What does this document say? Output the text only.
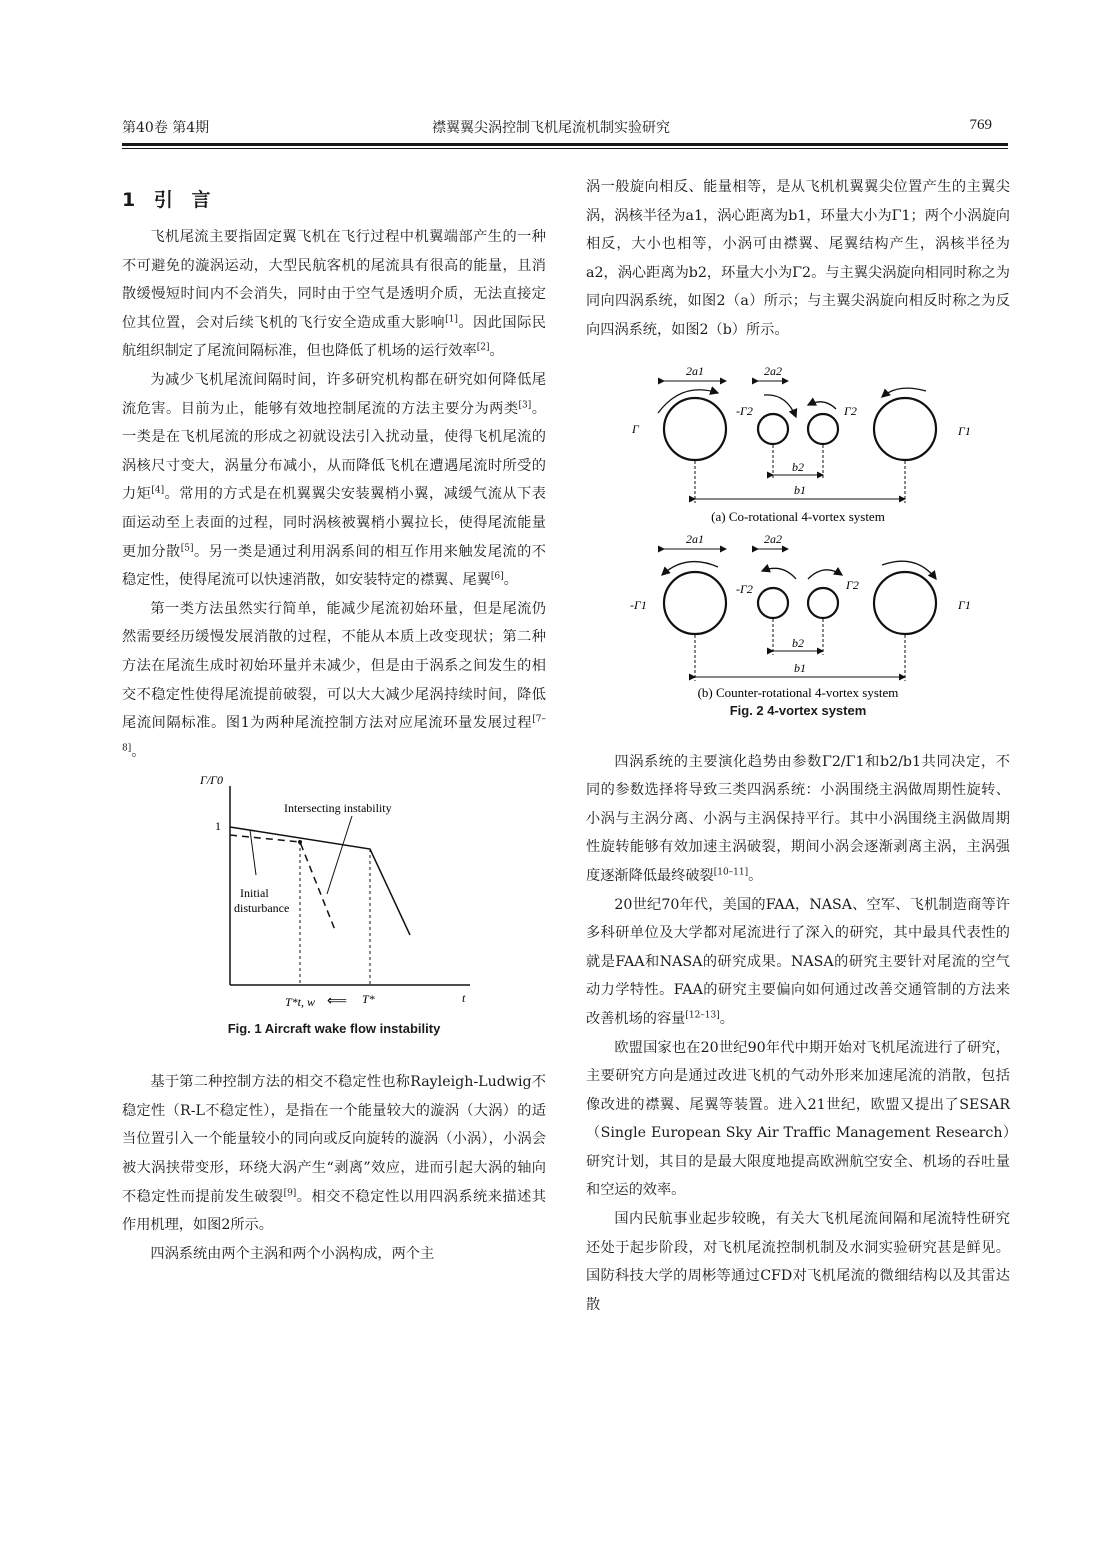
第40卷 第4期	襟翼翼尖涡控制飞机尾流机制实验研究	769
1 引 言

飞机尾流主要指固定翼飞机在飞行过程中机翼端部产生的一种不可避免的漩涡运动，大型民航客机的尾流具有很高的能量，且消散缓慢短时间内不会消失，同时由于空气是透明介质，无法直接定位其位置，会对后续飞机的飞行安全造成重大影响[1]。因此国际民航组织制定了尾流间隔标准，但也降低了机场的运行效率[2]。

为减少飞机尾流间隔时间，许多研究机构都在研究如何降低尾流危害。目前为止，能够有效地控制尾流的方法主要分为两类[3]。一类是在飞机尾流的形成之初就设法引入扰动量，使得飞机尾流的涡核尺寸变大，涡量分布减小，从而降低飞机在遭遇尾流时所受的力矩[4]。常用的方式是在机翼翼尖安装翼梢小翼，减缓气流从下表面运动至上表面的过程，同时涡核被翼梢小翼拉长，使得尾流能量更加分散[5]。另一类是通过利用涡系间的相互作用来触发尾流的不稳定性，使得尾流可以快速消散，如安装特定的襟翼、尾翼[6]。

第一类方法虽然实行简单，能减少尾流初始环量，但是尾流仍然需要经历缓慢发展消散的过程，不能从本质上改变现状；第二种方法在尾流生成时初始环量并未减少，但是由于涡系之间发生的相交不稳定性使得尾流提前破裂，可以大大减少尾涡持续时间，降低尾流间隔标准。图1为两种尾流控制方法对应尾流环量发展过程[7–8]。

Γ/Γ0
1
t
Intersecting instability
Initial
disturbance
T*t, w ⟸ T*
Fig. 1 Aircraft wake flow instability

基于第二种控制方法的相交不稳定性也称Rayleigh-Ludwig不稳定性（R-L不稳定性），是指在一个能量较大的漩涡（大涡）的适当位置引入一个能量较小的同向或反向旋转的漩涡（小涡），小涡会被大涡挟带变形，环绕大涡产生“剥离”效应，进而引起大涡的轴向不稳定性而提前发生破裂[9]。相交不稳定性以用四涡系统来描述其作用机理，如图2所示。

四涡系统由两个主涡和两个小涡构成，两个主

涡一般旋向相反、能量相等，是从飞机机翼翼尖位置产生的主翼尖涡，涡核半径为a1，涡心距离为b1，环量大小为Γ1；两个小涡旋向相反，大小也相等，小涡可由襟翼、尾翼结构产生，涡核半径为a2，涡心距离为b2，环量大小为Γ2。与主翼尖涡旋向相同时称之为同向四涡系统，如图2（a）所示；与主翼尖涡旋向相反时称之为反向四涡系统，如图2（b）所示。

2a1	2a2
Γ
-Γ2	Γ2
Γ1
b2
b1
(a) Co-rotational 4-vortex system
2a1	2a2
-Γ1
-Γ2	Γ2
Γ1
b2
b1
(b) Counter-rotational 4-vortex system
Fig. 2 4-vortex system

四涡系统的主要演化趋势由参数Γ2/Γ1和b2/b1共同决定，不同的参数选择将导致三类四涡系统：小涡围绕主涡做周期性旋转、小涡与主涡分离、小涡与主涡保持平行。其中小涡围绕主涡做周期性旋转能够有效加速主涡破裂，期间小涡会逐渐剥离主涡，主涡强度逐渐降低最终破裂[10–11]。

20世纪70年代，美国的FAA，NASA、空军、飞机制造商等许多科研单位及大学都对尾流进行了深入的研究，其中最具代表性的就是FAA和NASA的研究成果。NASA的研究主要针对尾流的空气动力学特性。FAA的研究主要偏向如何通过改善交通管制的方法来改善机场的容量[12–13]。

欧盟国家也在20世纪90年代中期开始对飞机尾流进行了研究，主要研究方向是通过改进飞机的气动外形来加速尾流的消散，包括像改进的襟翼、尾翼等装置。进入21世纪，欧盟又提出了SESAR（Single European Sky Air Traffic Management Research）研究计划，其目的是最大限度地提高欧洲航空安全、机场的吞吐量和空运的效率。

国内民航事业起步较晚，有关大飞机尾流间隔和尾流特性研究还处于起步阶段，对飞机尾流控制机制及水洞实验研究甚是鲜见。国防科技大学的周彬等通过CFD对飞机尾流的微细结构以及其雷达散
